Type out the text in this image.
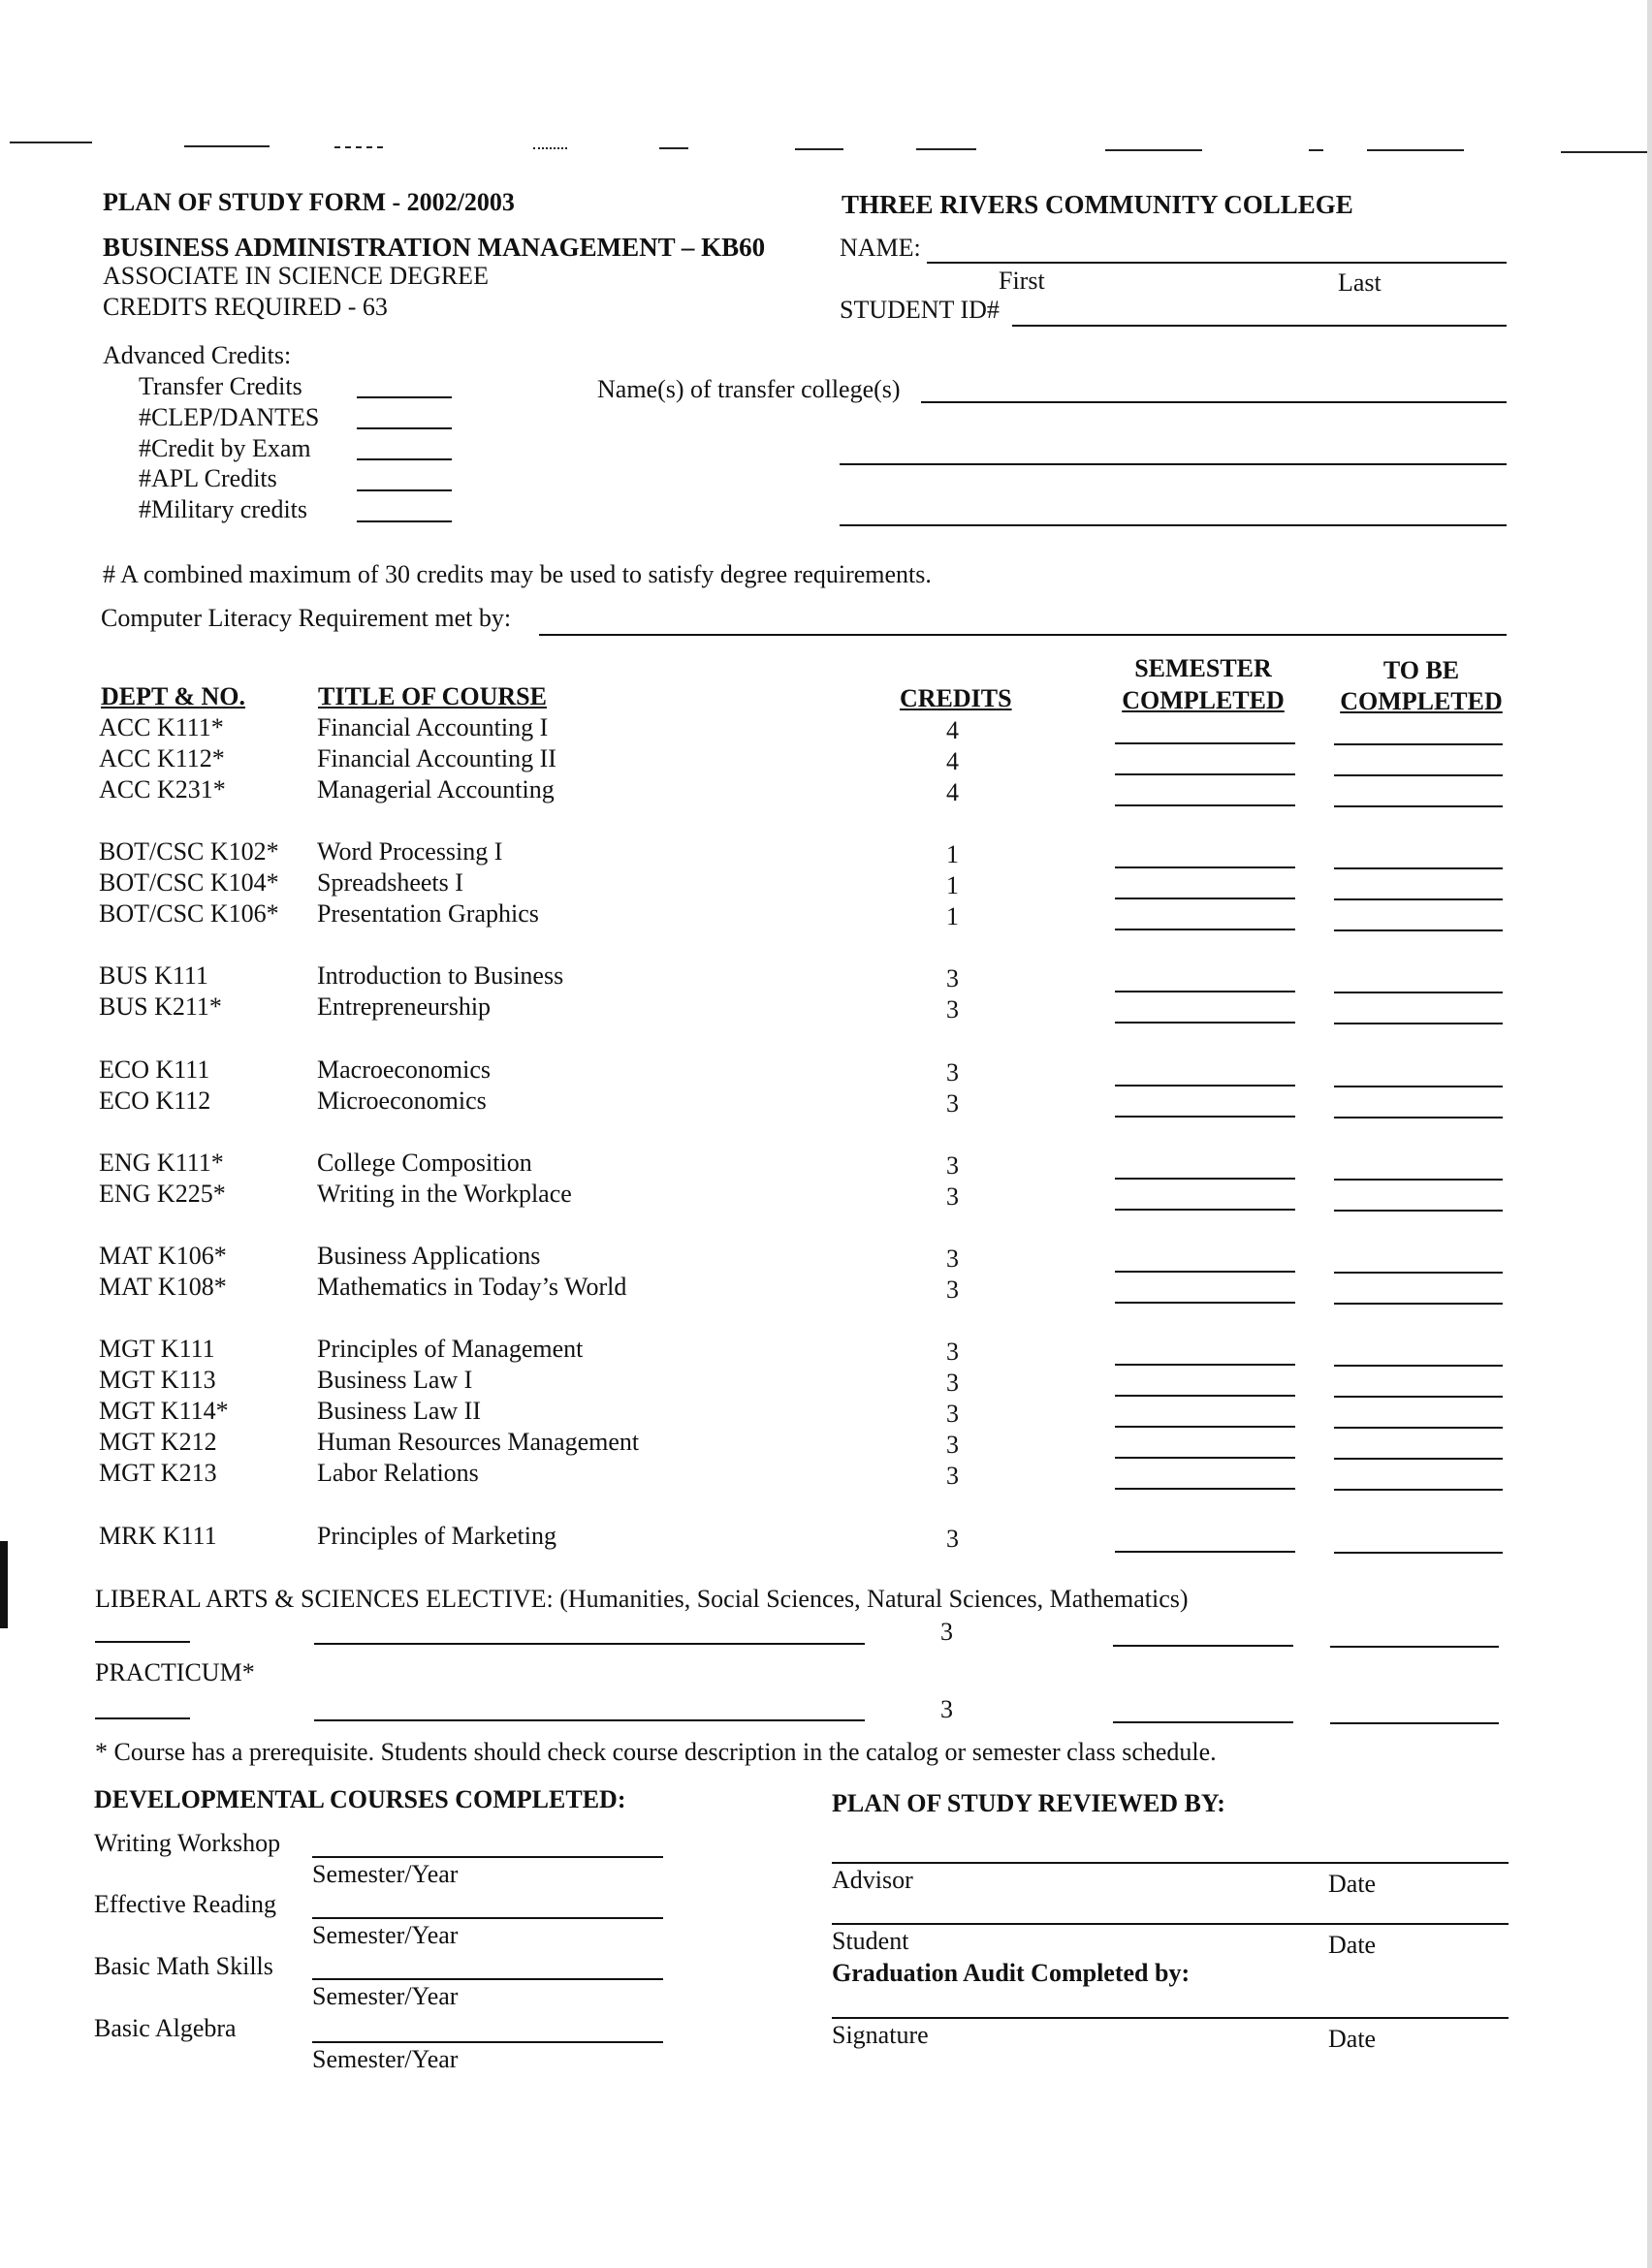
PLAN OF STUDY FORM - 2002/2003	THREE RIVERS COMMUNITY COLLEGE
BUSINESS ADMINISTRATION MANAGEMENT – KB60
ASSOCIATE IN SCIENCE DEGREE
CREDITS REQUIRED - 63
NAME:
First	Last
STUDENT ID#
Advanced Credits:
Transfer Credits
#CLEP/DANTES
#Credit by Exam
#APL Credits
#Military credits
Name(s) of transfer college(s)
# A combined maximum of 30 credits may be used to satisfy degree requirements.
Computer Literacy Requirement met by:
DEPT & NO.	TITLE OF COURSE	CREDITS
SEMESTER
COMPLETED
TO BE
COMPLETED
ACC K111*	Financial Accounting I	4
ACC K112*	Financial Accounting II	4
ACC K231*	Managerial Accounting	4
BOT/CSC K102* Word Processing I	1
BOT/CSC K104* Spreadsheets I	1
BOT/CSC K106* Presentation Graphics	1
BUS K111	Introduction to Business	3
BUS K211*	Entrepreneurship	3
ECO K111	Macroeconomics	3
ECO K112	Microeconomics	3
ENG K111*	College Composition	3
ENG K225*	Writing in the Workplace	3
MAT K106*	Business Applications	3
MAT K108*	Mathematics in Today’s World	3
MGT K111	Principles of Management	3
MGT K113	Business Law I	3
MGT K114*	Business Law II	3
MGT K212	Human Resources Management	3
MGT K213	Labor Relations	3
MRK K111	Principles of Marketing	3
LIBERAL ARTS & SCIENCES ELECTIVE: (Humanities, Social Sciences, Natural Sciences, Mathematics)
3
PRACTICUM*
3
* Course has a prerequisite. Students should check course description in the catalog or semester class schedule.
DEVELOPMENTAL COURSES COMPLETED:
Writing Workshop
Semester/Year
Effective Reading
Semester/Year
Basic Math Skills
Semester/Year
Basic Algebra
Semester/Year
PLAN OF STUDY REVIEWED BY:
Advisor	Date
Student	Date
Graduation Audit Completed by:
Signature	Date
